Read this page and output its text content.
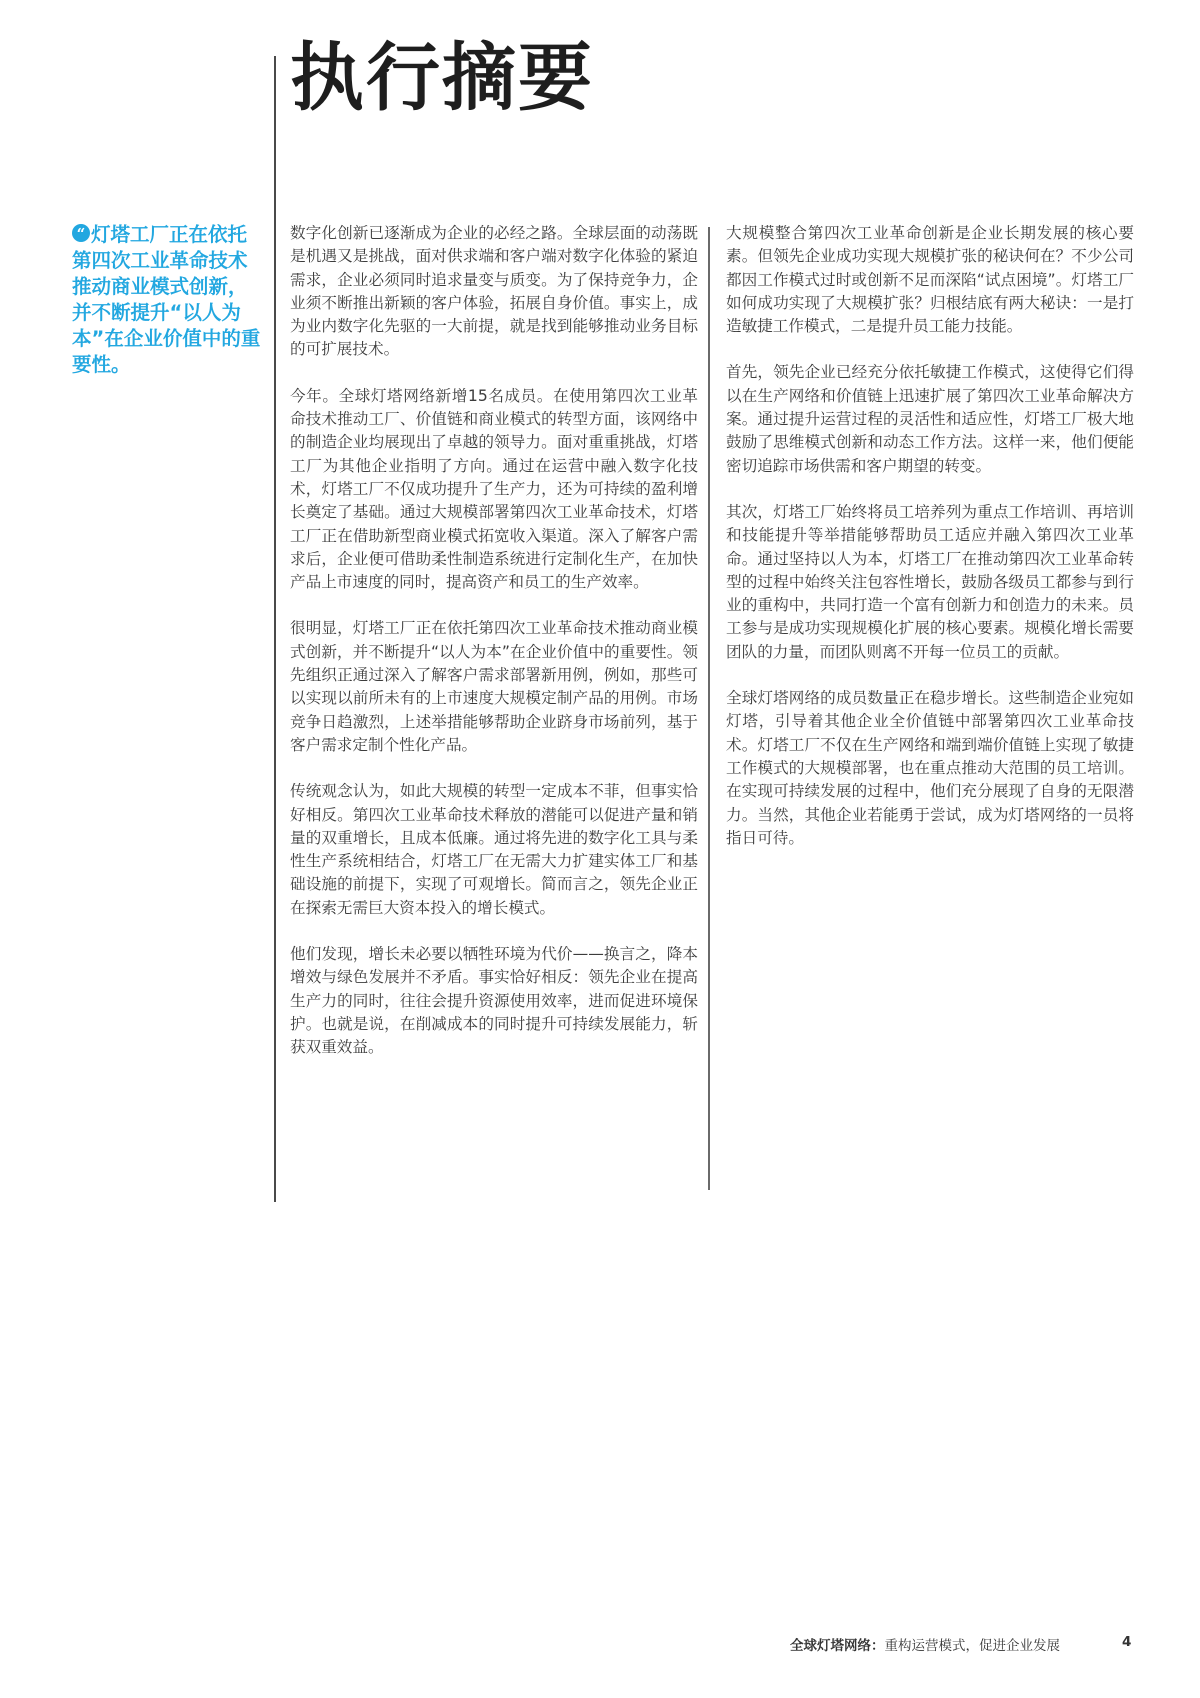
执行摘要

“ 灯塔工厂正在依托第四次工业革命技术推动商业模式创新，并不断提升“以人为本”在企业价值中的重要性。

数字化创新已逐渐成为企业的必经之路。全球层面的动荡既是机遇又是挑战，面对供求端和客户端对数字化体验的紧迫需求，企业必须同时追求量变与质变。为了保持竞争力，企业须不断推出新颖的客户体验，拓展自身价值。事实上，成为业内数字化先驱的一大前提，就是找到能够推动业务目标的可扩展技术。

今年。全球灯塔网络新增15名成员。在使用第四次工业革命技术推动工厂、价值链和商业模式的转型方面，该网络中的制造企业均展现出了卓越的领导力。面对重重挑战，灯塔工厂为其他企业指明了方向。通过在运营中融入数字化技术，灯塔工厂不仅成功提升了生产力，还为可持续的盈利增长奠定了基础。通过大规模部署第四次工业革命技术，灯塔工厂正在借助新型商业模式拓宽收入渠道。深入了解客户需求后，企业便可借助柔性制造系统进行定制化生产，在加快产品上市速度的同时，提高资产和员工的生产效率。

很明显，灯塔工厂正在依托第四次工业革命技术推动商业模式创新，并不断提升“以人为本”在企业价值中的重要性。领先组织正通过深入了解客户需求部署新用例，例如，那些可以实现以前所未有的上市速度大规模定制产品的用例。市场竞争日趋激烈，上述举措能够帮助企业跻身市场前列，基于客户需求定制个性化产品。

传统观念认为，如此大规模的转型一定成本不菲，但事实恰好相反。第四次工业革命技术释放的潜能可以促进产量和销量的双重增长，且成本低廉。通过将先进的数字化工具与柔性生产系统相结合，灯塔工厂在无需大力扩建实体工厂和基础设施的前提下，实现了可观增长。简而言之，领先企业正在探索无需巨大资本投入的增长模式。

他们发现，增长未必要以牺牲环境为代价——换言之，降本增效与绿色发展并不矛盾。事实恰好相反：领先企业在提高生产力的同时，往往会提升资源使用效率，进而促进环境保护。也就是说，在削减成本的同时提升可持续发展能力，斩获双重效益。

大规模整合第四次工业革命创新是企业长期发展的核心要素。但领先企业成功实现大规模扩张的秘诀何在？不少公司都因工作模式过时或创新不足而深陷“试点困境”。灯塔工厂如何成功实现了大规模扩张？归根结底有两大秘诀：一是打造敏捷工作模式，二是提升员工能力技能。

首先，领先企业已经充分依托敏捷工作模式，这使得它们得以在生产网络和价值链上迅速扩展了第四次工业革命解决方案。通过提升运营过程的灵活性和适应性，灯塔工厂极大地鼓励了思维模式创新和动态工作方法。这样一来，他们便能密切追踪市场供需和客户期望的转变。

其次，灯塔工厂始终将员工培养列为重点工作培训、再培训和技能提升等举措能够帮助员工适应并融入第四次工业革命。通过坚持以人为本，灯塔工厂在推动第四次工业革命转型的过程中始终关注包容性增长，鼓励各级员工都参与到行业的重构中，共同打造一个富有创新力和创造力的未来。员工参与是成功实现规模化扩展的核心要素。规模化增长需要团队的力量，而团队则离不开每一位员工的贡献。

全球灯塔网络的成员数量正在稳步增长。这些制造企业宛如灯塔，引导着其他企业全价值链中部署第四次工业革命技术。灯塔工厂不仅在生产网络和端到端价值链上实现了敏捷工作模式的大规模部署，也在重点推动大范围的员工培训。在实现可持续发展的过程中，他们充分展现了自身的无限潜力。当然，其他企业若能勇于尝试，成为灯塔网络的一员将指日可待。

全球灯塔网络：重构运营模式，促进企业发展	4
